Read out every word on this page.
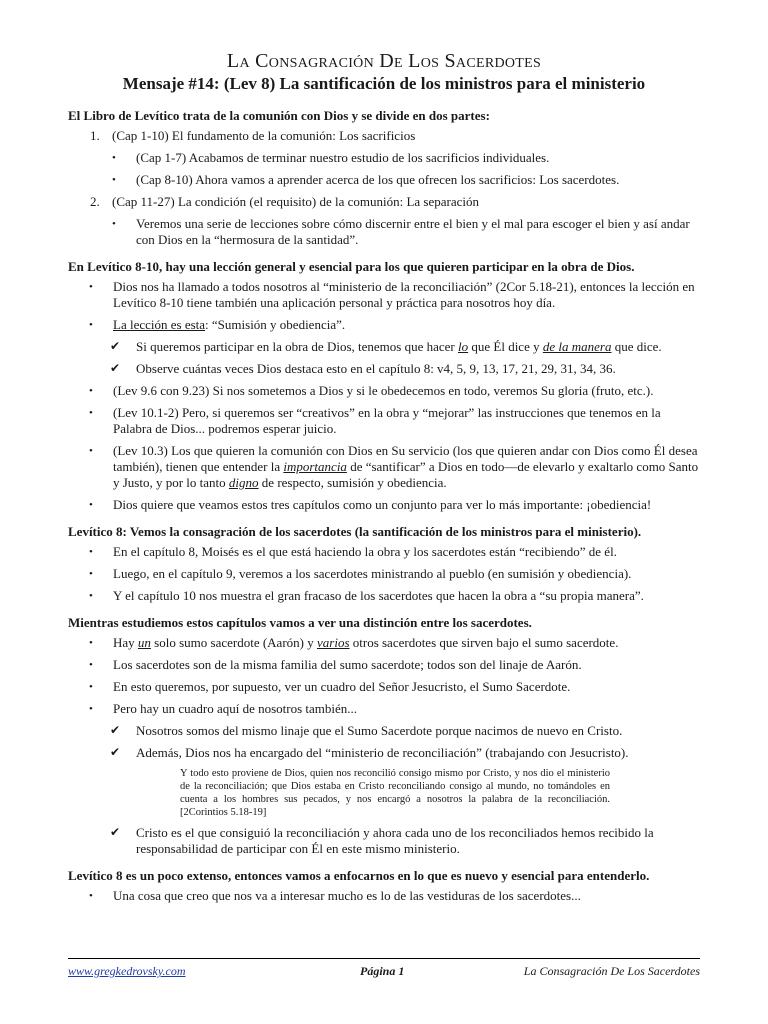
La Consagración De Los Sacerdotes
Mensaje #14: (Lev 8) La santificación de los ministros para el ministerio
El Libro de Levítico trata de la comunión con Dios y se divide en dos partes:
1. (Cap 1-10) El fundamento de la comunión: Los sacrificios
• (Cap 1-7) Acabamos de terminar nuestro estudio de los sacrificios individuales.
• (Cap 8-10) Ahora vamos a aprender acerca de los que ofrecen los sacrificios: Los sacerdotes.
2. (Cap 11-27) La condición (el requisito) de la comunión: La separación
• Veremos una serie de lecciones sobre cómo discernir entre el bien y el mal para escoger el bien y así andar con Dios en la “hermosura de la santidad”.
En Levítico 8-10, hay una lección general y esencial para los que quieren participar en la obra de Dios.
• Dios nos ha llamado a todos nosotros al “ministerio de la reconciliación” (2Cor 5.18-21), entonces la lección en Levítico 8-10 tiene también una aplicación personal y práctica para nosotros hoy día.
• La lección es esta: “Sumisión y obediencia”.
✔ Si queremos participar en la obra de Dios, tenemos que hacer lo que Él dice y de la manera que dice.
✔ Observe cuántas veces Dios destaca esto en el capítulo 8: v4, 5, 9, 13, 17, 21, 29, 31, 34, 36.
• (Lev 9.6 con 9.23) Si nos sometemos a Dios y si le obedecemos en todo, veremos Su gloria (fruto, etc.).
• (Lev 10.1-2) Pero, si queremos ser “creativos” en la obra y “mejorar” las instrucciones que tenemos en la Palabra de Dios... podremos esperar juicio.
• (Lev 10.3) Los que quieren la comunión con Dios en Su servicio (los que quieren andar con Dios como Él desea también), tienen que entender la importancia de “santificar” a Dios en todo—de elevarlo y exaltarlo como Santo y Justo, y por lo tanto digno de respecto, sumisión y obediencia.
• Dios quiere que veamos estos tres capítulos como un conjunto para ver lo más importante: ¡obediencia!
Levítico 8: Vemos la consagración de los sacerdotes (la santificación de los ministros para el ministerio).
• En el capítulo 8, Moisés es el que está haciendo la obra y los sacerdotes están “recibiendo” de él.
• Luego, en el capítulo 9, veremos a los sacerdotes ministrando al pueblo (en sumisión y obediencia).
• Y el capítulo 10 nos muestra el gran fracaso de los sacerdotes que hacen la obra a “su propia manera”.
Mientras estudiemos estos capítulos vamos a ver una distinción entre los sacerdotes.
• Hay un solo sumo sacerdote (Aarón) y varios otros sacerdotes que sirven bajo el sumo sacerdote.
• Los sacerdotes son de la misma familia del sumo sacerdote; todos son del linaje de Aarón.
• En esto queremos, por supuesto, ver un cuadro del Señor Jesucristo, el Sumo Sacerdote.
• Pero hay un cuadro aquí de nosotros también...
✔ Nosotros somos del mismo linaje que el Sumo Sacerdote porque nacimos de nuevo en Cristo.
✔ Además, Dios nos ha encargado del “ministerio de reconciliación” (trabajando con Jesucristo).
Y todo esto proviene de Dios, quien nos reconcilió consigo mismo por Cristo, y nos dio el ministerio de la reconciliación; que Dios estaba en Cristo reconciliando consigo al mundo, no tomándoles en cuenta a los hombres sus pecados, y nos encargó a nosotros la palabra de la reconciliación. [2Corintios 5.18-19]
✔ Cristo es el que consiguió la reconciliación y ahora cada uno de los reconciliados hemos recibido la responsabilidad de participar con Él en este mismo ministerio.
Levítico 8 es un poco extenso, entonces vamos a enfocarnos en lo que es nuevo y esencial para entenderlo.
• Una cosa que creo que nos va a interesar mucho es lo de las vestiduras de los sacerdotes...
www.gregkedrovsky.com	Página 1	La Consagración De Los Sacerdotes
